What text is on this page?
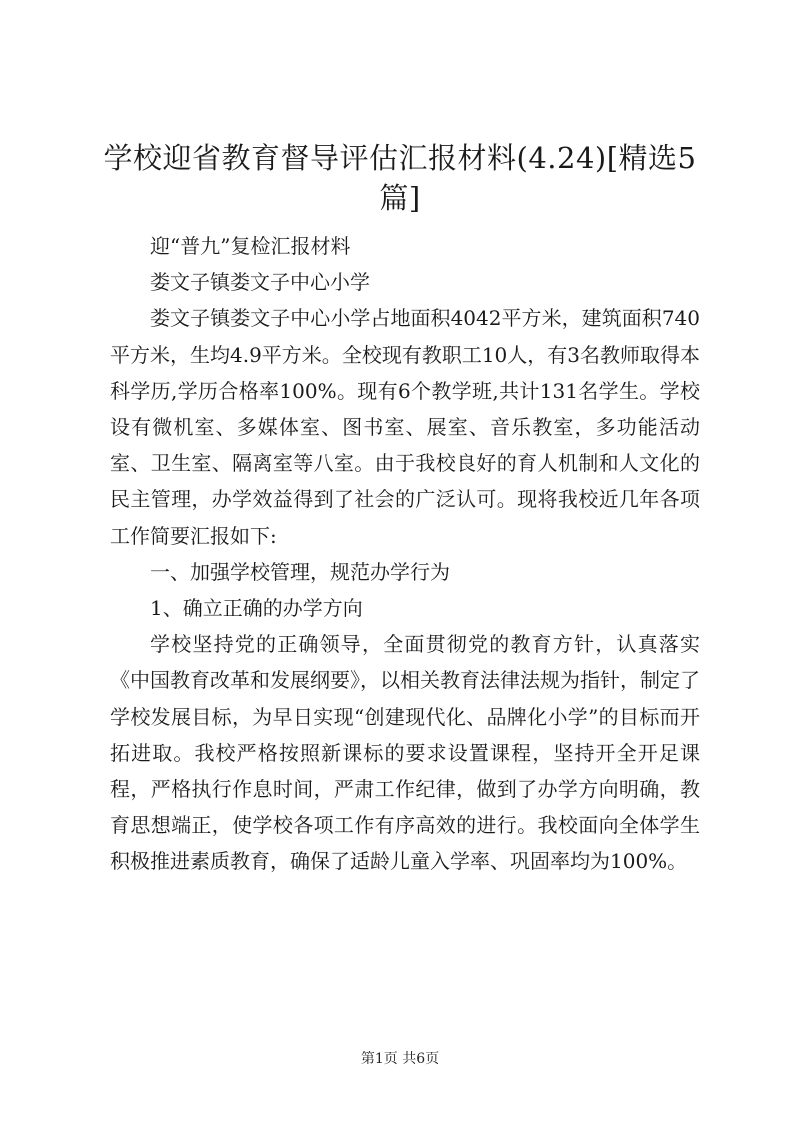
学校迎省教育督导评估汇报材料(4.24)[精选5篇]

迎“普九”复检汇报材料

娄文子镇娄文子中心小学

娄文子镇娄文子中心小学占地面积4042平方米，建筑面积740平方米，生均4.9平方米。全校现有教职工10人，有3名教师取得本科学历,学历合格率100%。现有6个教学班,共计131名学生。学校设有微机室、多媒体室、图书室、展室、音乐教室，多功能活动室、卫生室、隔离室等八室。由于我校良好的育人机制和人文化的民主管理，办学效益得到了社会的广泛认可。现将我校近几年各项工作简要汇报如下:

一、加强学校管理，规范办学行为

1、确立正确的办学方向

学校坚持党的正确领导，全面贯彻党的教育方针，认真落实《中国教育改革和发展纲要》，以相关教育法律法规为指针，制定了学校发展目标，为早日实现“创建现代化、品牌化小学”的目标而开拓进取。我校严格按照新课标的要求设置课程，坚持开全开足课程，严格执行作息时间，严肃工作纪律，做到了办学方向明确，教育思想端正，使学校各项工作有序高效的进行。我校面向全体学生积极推进素质教育，确保了适龄儿童入学率、巩固率均为100%。

第1页 共6页
